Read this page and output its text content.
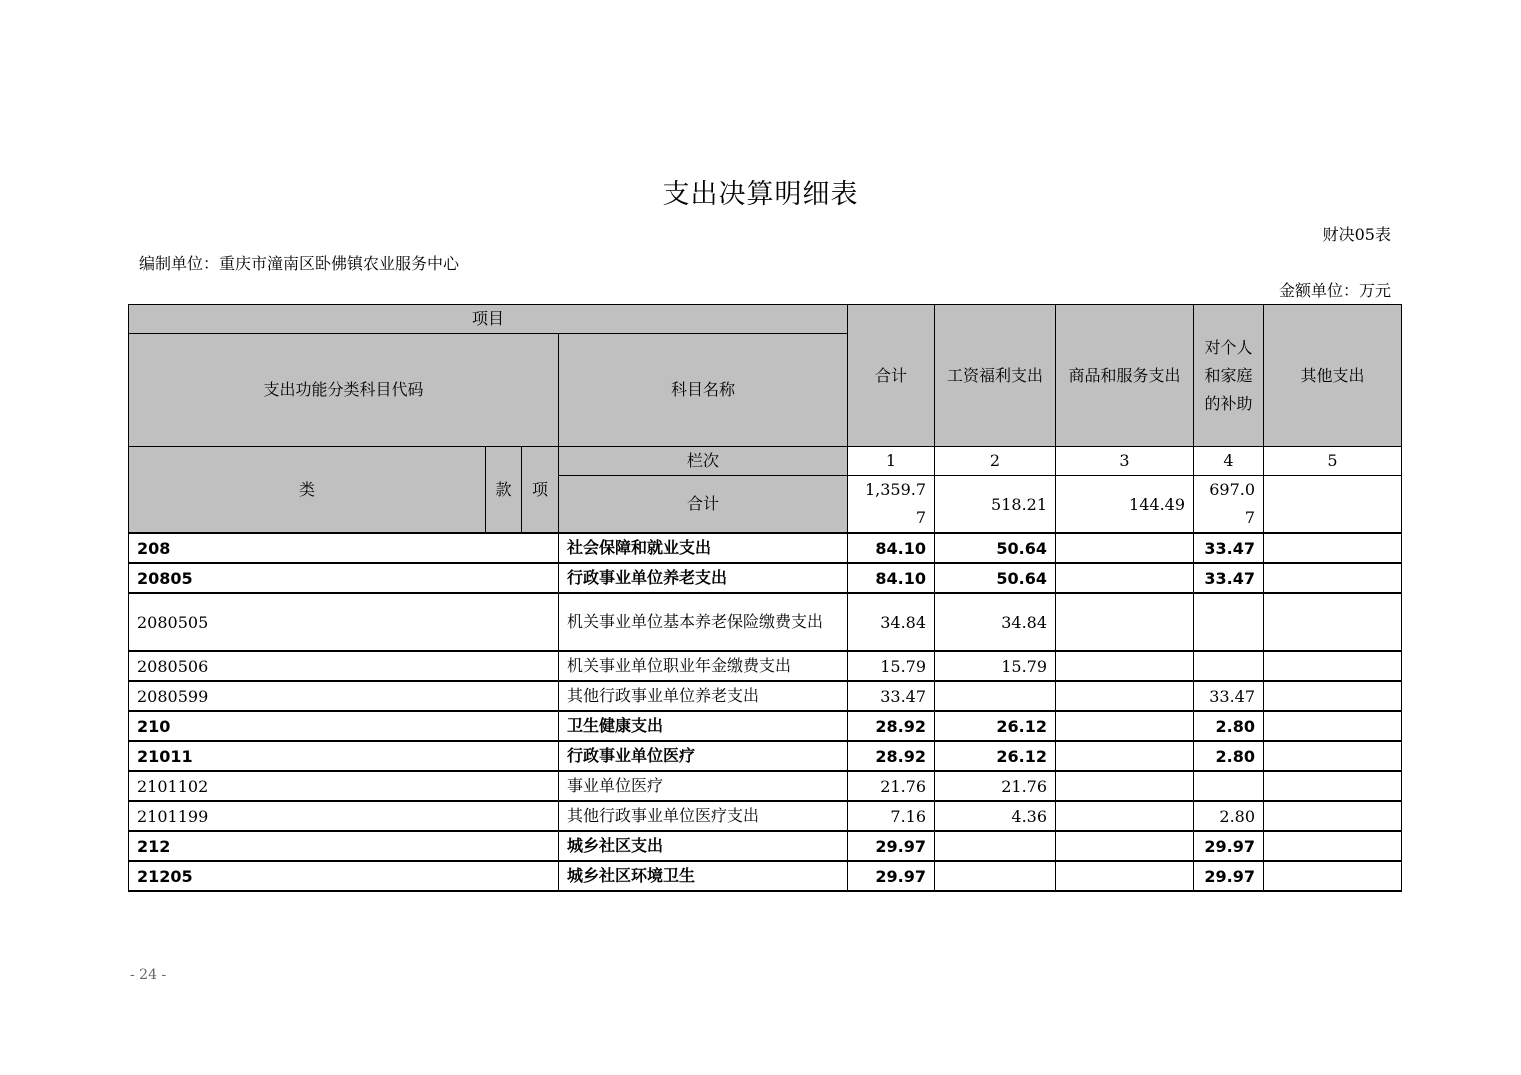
支出决算明细表
财决05表
编制单位：重庆市潼南区卧佛镇农业服务中心
金额单位：万元
项目				合计	工资福利支出	商品和服务支出	对个人和家庭的补助	其他支出
支出功能分类科目代码			科目名称					
类	款	项	栏次	1	2	3	4	5
			合计	1,359.77	518.21	144.49	697.07	
208			社会保障和就业支出	84.10	50.64		33.47	
20805			行政事业单位养老支出	84.10	50.64		33.47	
2080505			机关事业单位基本养老保险缴费支出	34.84	34.84			
2080506			机关事业单位职业年金缴费支出	15.79	15.79			
2080599			其他行政事业单位养老支出	33.47			33.47	
210			卫生健康支出	28.92	26.12		2.80	
21011			行政事业单位医疗	28.92	26.12		2.80	
2101102			事业单位医疗	21.76	21.76			
2101199			其他行政事业单位医疗支出	7.16	4.36		2.80	
212			城乡社区支出	29.97			29.97	
21205			城乡社区环境卫生	29.97			29.97	
- 24 -
